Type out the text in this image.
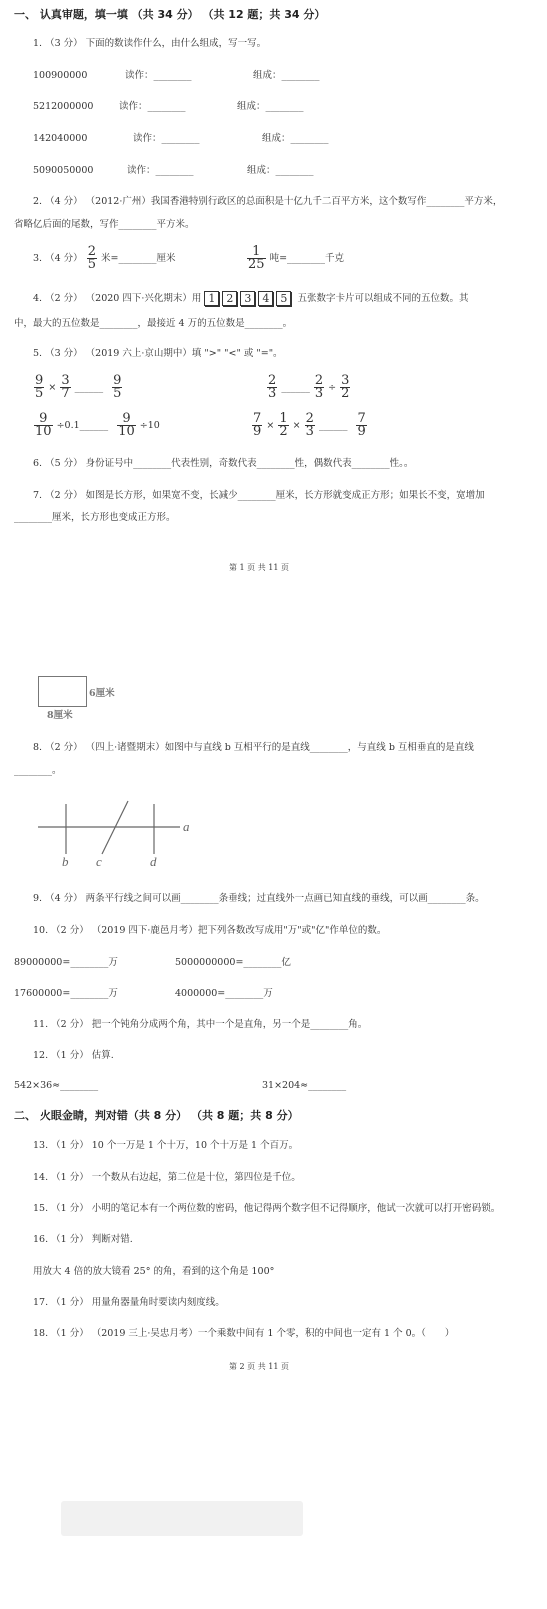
一、 认真审题，填一填 （共 34 分） （共 12 题；共 34 分）
1. （3 分） 下面的数读作什么，由什么组成，写一写。
100900000	读作：________	组成：________
5212000000	读作：________	组成：________
142040000	读作：________	组成：________
5090050000	读作：________	组成：________
2. （4 分） （2012·广州）我国香港特别行政区的总面积是十亿九千二百平方米，这个数写作________平方米，
省略亿后面的尾数，写作________平方米。
3. （4 分） $\frac{2}{5}$ 米=________厘米	$\frac{1}{25}$ 吨=________千克
4. （2 分） （2020 四下·兴化期末）用 1 2 3 4 5 五张数字卡片可以组成不同的五位数。其
中，最大的五位数是________，最接近 4 万的五位数是________。
5. （3 分） （2019 六上·京山期中）填 ">" "<" 或 "="。
$\frac{9}{5} \times \frac{3}{7}$ ______ $\frac{9}{5}$	$\frac{2}{3}$ ______ $\frac{2}{3} \div \frac{3}{2}$
$\frac{9}{10}$ ÷0.1______ $\frac{9}{10} \div 10$	$\frac{7}{9} \times \frac{1}{2} \times \frac{2}{3}$ ______ $\frac{7}{9}$
6. （5 分） 身份证号中________代表性别，奇数代表________性，偶数代表________性。。
7. （2 分） 如图是长方形，如果宽不变，长减少________厘米，长方形就变成正方形；如果长不变，宽增加
________厘米，长方形也变成正方形。
第 1 页 共 11 页
6厘米
8厘米
8. （2 分） （四上·诸暨期末）如图中与直线 b 互相平行的是直线________，与直线 b 互相垂直的是直线
________。
a
b c	d
9. （4 分） 两条平行线之间可以画________条垂线；过直线外一点画已知直线的垂线，可以画________条。
10. （2 分） （2019 四下·鹿邑月考）把下列各数改写成用"万"或"亿"作单位的数。
89000000=________万	5000000000=________亿
17600000=________万	4000000=________万
11. （2 分） 把一个钝角分成两个角，其中一个是直角，另一个是________角。
12. （1 分） 估算.
542×36≈________	31×204≈________
二、 火眼金睛，判对错（共 8 分） （共 8 题；共 8 分）
13. （1 分） 10 个一万是 1 个十万，10 个十万是 1 个百万。
14. （1 分） 一个数从右边起，第二位是十位，第四位是千位。
15. （1 分） 小明的笔记本有一个两位数的密码，他记得两个数字但不记得顺序，他试一次就可以打开密码锁。
16. （1 分） 判断对错.
用放大 4 倍的放大镜看 25° 的角，看到的这个角是 100°
17. （1 分） 用量角器量角时要读内刻度线。
18. （1 分） （2019 三上·吴忠月考）一个乘数中间有 1 个零，积的中间也一定有 1 个 0。（　　）
第 2 页 共 11 页
